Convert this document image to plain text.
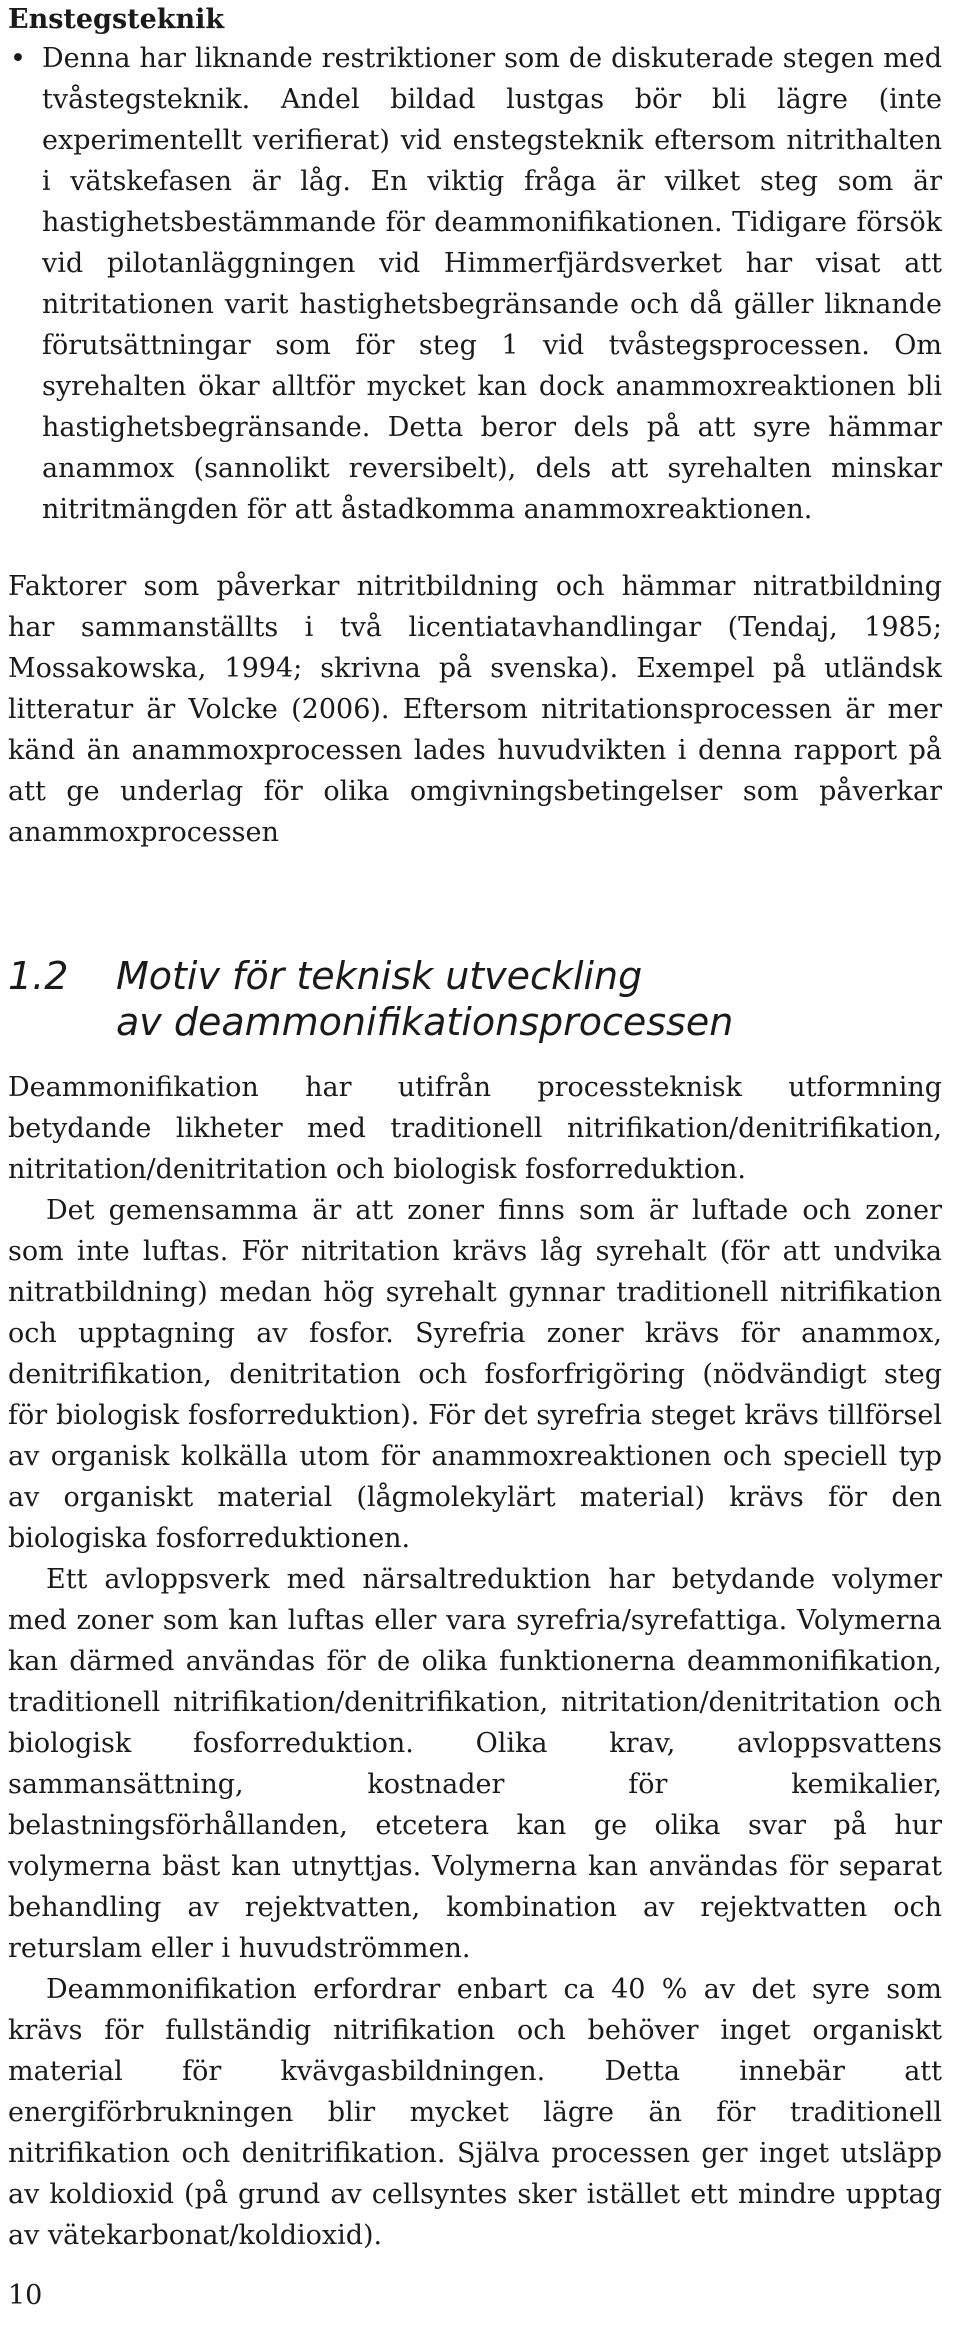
Enstegsteknik
• Denna har liknande restriktioner som de diskuterade stegen med tvåstegsteknik. Andel bildad lustgas bör bli lägre (inte experimentellt verifierat) vid enstegsteknik eftersom nitrithalten i vätskefasen är låg. En viktig fråga är vilket steg som är hastighetsbestämmande för deammonifikationen. Tidigare försök vid pilotanläggningen vid Himmerfjärdsverket har visat att nitritationen varit hastighetsbegränsande och då gäller liknande förutsättningar som för steg 1 vid tvåstegsprocessen. Om syrehalten ökar alltför mycket kan dock anammoxreaktionen bli hastighetsbegränsande. Detta beror dels på att syre hämmar anammox (sannolikt reversibelt), dels att syrehalten minskar nitritmängden för att åstadkomma anammoxreaktionen.

Faktorer som påverkar nitritbildning och hämmar nitratbildning har sammanställts i två licentiatavhandlingar (Tendaj, 1985; Mossakowska, 1994; skrivna på svenska). Exempel på utländsk litteratur är Volcke (2006). Eftersom nitritationsprocessen är mer känd än anammoxprocessen lades huvudvikten i denna rapport på att ge underlag för olika omgivningsbetingelser som påverkar anammoxprocessen

1.2	Motiv för teknisk utveckling
av deammonifikationsprocessen

Deammonifikation har utifrån processteknisk utformning betydande likheter med traditionell nitrifikation/denitrifikation, nitritation/denitritation och biologisk fosforreduktion.

Det gemensamma är att zoner finns som är luftade och zoner som inte luftas. För nitritation krävs låg syrehalt (för att undvika nitratbildning) medan hög syrehalt gynnar traditionell nitrifikation och upptagning av fosfor. Syrefria zoner krävs för anammox, denitrifikation, denitritation och fosforfrigöring (nödvändigt steg för biologisk fosforreduktion). För det syrefria steget krävs tillförsel av organisk kolkälla utom för anammoxreaktionen och speciell typ av organiskt material (lågmolekylärt material) krävs för den biologiska fosforreduktionen.

Ett avloppsverk med närsaltreduktion har betydande volymer med zoner som kan luftas eller vara syrefria/syrefattiga. Volymerna kan därmed användas för de olika funktionerna deammonifikation, traditionell nitrifikation/denitrifikation, nitritation/denitritation och biologisk fosforreduktion. Olika krav, avloppsvattens sammansättning, kostnader för kemikalier, belastningsförhållanden, etcetera kan ge olika svar på hur volymerna bäst kan utnyttjas. Volymerna kan användas för separat behandling av rejektvatten, kombination av rejektvatten och returslam eller i huvudströmmen.

Deammonifikation erfordrar enbart ca 40 % av det syre som krävs för fullständig nitrifikation och behöver inget organiskt material för kvävgasbildningen. Detta innebär att energiförbrukningen blir mycket lägre än för traditionell nitrifikation och denitrifikation. Själva processen ger inget utsläpp av koldioxid (på grund av cellsyntes sker istället ett mindre upptag av vätekarbonat/koldioxid).

10
